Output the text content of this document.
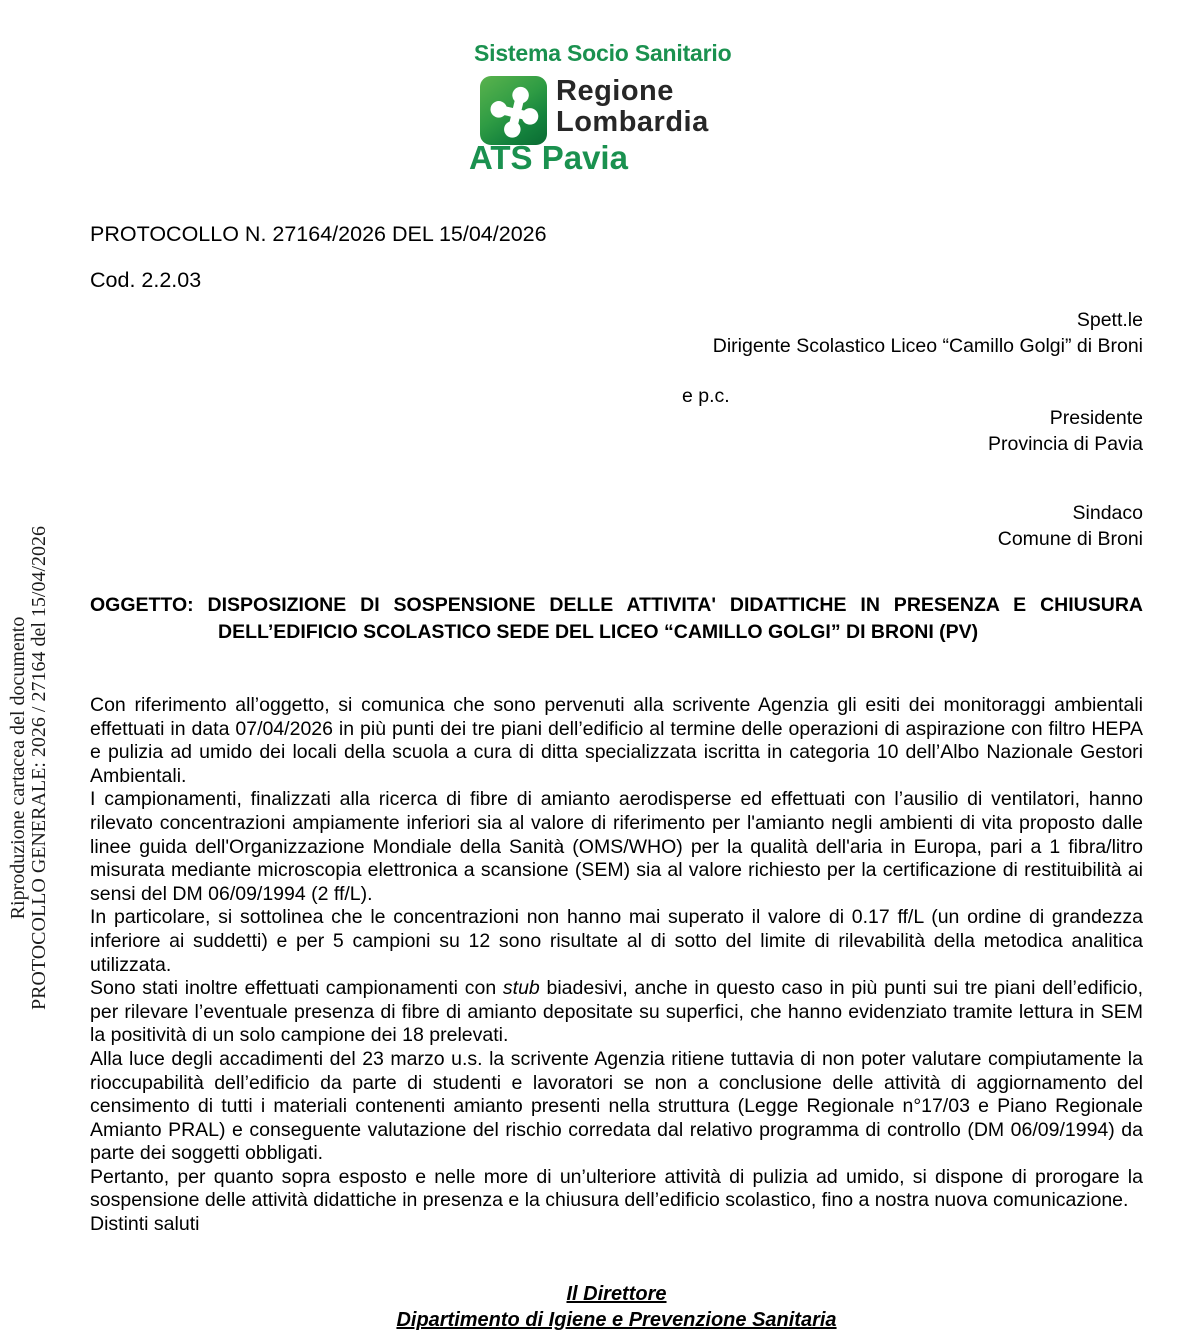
Sistema Socio Sanitario
Regione
Lombardia
ATS Pavia
Riproduzione cartacea del documento PROTOCOLLO GENERALE: 2026 / 27164 del 15/04/2026
PROTOCOLLO N. 27164/2026 DEL 15/04/2026
Cod. 2.2.03
Spett.le
Dirigente Scolastico Liceo “Camillo Golgi” di Broni
e p.c.
Presidente
Provincia di Pavia
Sindaco
Comune di Broni

OGGETTO: DISPOSIZIONE DI SOSPENSIONE DELLE ATTIVITA' DIDATTICHE IN PRESENZA E CHIUSURA DELL’EDIFICIO SCOLASTICO SEDE DEL LICEO “CAMILLO GOLGI” DI BRONI (PV)

Con riferimento all’oggetto, si comunica che sono pervenuti alla scrivente Agenzia gli esiti dei monitoraggi ambientali effettuati in data 07/04/2026 in più punti dei tre piani dell’edificio al termine delle operazioni di aspirazione con filtro HEPA e pulizia ad umido dei locali della scuola a cura di ditta specializzata iscritta in categoria 10 dell’Albo Nazionale Gestori Ambientali.

I campionamenti, finalizzati alla ricerca di fibre di amianto aerodisperse ed effettuati con l’ausilio di ventilatori, hanno rilevato concentrazioni ampiamente inferiori sia al valore di riferimento per l'amianto negli ambienti di vita proposto dalle linee guida dell'Organizzazione Mondiale della Sanità (OMS/WHO) per la qualità dell'aria in Europa, pari a 1 fibra/litro misurata mediante microscopia elettronica a scansione (SEM) sia al valore richiesto per la certificazione di restituibilità ai sensi del DM 06/09/1994 (2 ff/L).

In particolare, si sottolinea che le concentrazioni non hanno mai superato il valore di 0.17 ff/L (un ordine di grandezza inferiore ai suddetti) e per 5 campioni su 12 sono risultate al di sotto del limite di rilevabilità della metodica analitica utilizzata.

Sono stati inoltre effettuati campionamenti con stub biadesivi, anche in questo caso in più punti sui tre piani dell’edificio, per rilevare l’eventuale presenza di fibre di amianto depositate su superfici, che hanno evidenziato tramite lettura in SEM la positività di un solo campione dei 18 prelevati.

Alla luce degli accadimenti del 23 marzo u.s. la scrivente Agenzia ritiene tuttavia di non poter valutare compiutamente la rioccupabilità dell’edificio da parte di studenti e lavoratori se non a conclusione delle attività di aggiornamento del censimento di tutti i materiali contenenti amianto presenti nella struttura (Legge Regionale n°17/03 e Piano Regionale Amianto PRAL) e conseguente valutazione del rischio corredata dal relativo programma di controllo (DM 06/09/1994) da parte dei soggetti obbligati.

Pertanto, per quanto sopra esposto e nelle more di un’ulteriore attività di pulizia ad umido, si dispone di prorogare la sospensione delle attività didattiche in presenza e la chiusura dell’edificio scolastico, fino a nostra nuova comunicazione.

Distinti saluti

Il Direttore
Dipartimento di Igiene e Prevenzione Sanitaria
